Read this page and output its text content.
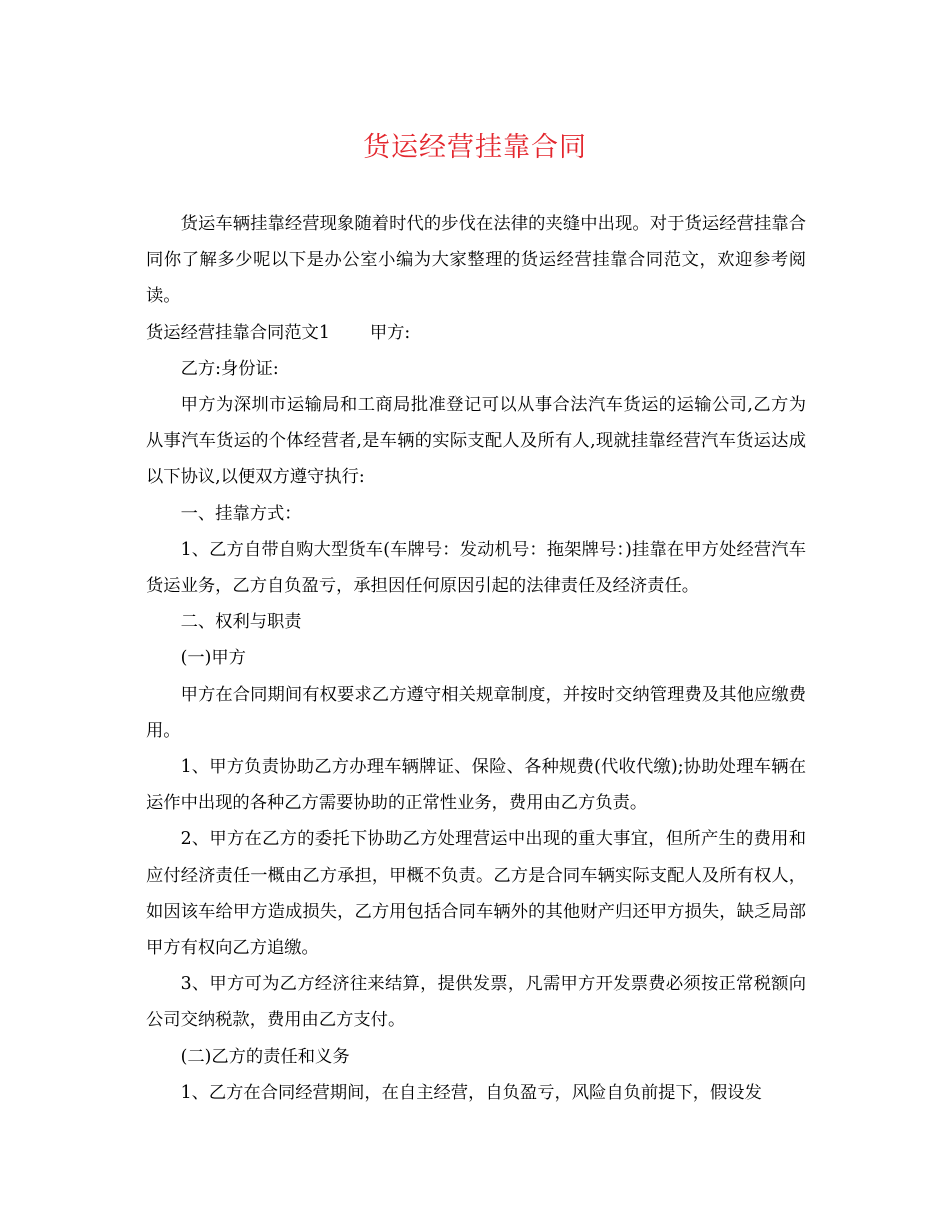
货运经营挂靠合同

货运车辆挂靠经营现象随着时代的步伐在法律的夹缝中出现。对于货运经营挂靠合同你了解多少呢以下是办公室小编为大家整理的货运经营挂靠合同范文，欢迎参考阅读。

货运经营挂靠合同范文1 甲方:

乙方:身份证:

甲方为深圳市运输局和工商局批准登记可以从事合法汽车货运的运输公司,乙方为从事汽车货运的个体经营者,是车辆的实际支配人及所有人,现就挂靠经营汽车货运达成以下协议,以便双方遵守执行:

一、挂靠方式：

1、乙方自带自购大型货车(车牌号：发动机号：拖架牌号：)挂靠在甲方处经营汽车货运业务，乙方自负盈亏，承担因任何原因引起的法律责任及经济责任。

二、权利与职责

(一)甲方

甲方在合同期间有权要求乙方遵守相关规章制度，并按时交纳管理费及其他应缴费用。

1、甲方负责协助乙方办理车辆牌证、保险、各种规费(代收代缴);协助处理车辆在运作中出现的各种乙方需要协助的正常性业务，费用由乙方负责。

2、甲方在乙方的委托下协助乙方处理营运中出现的重大事宜，但所产生的费用和应付经济责任一概由乙方承担，甲概不负责。乙方是合同车辆实际支配人及所有权人，如因该车给甲方造成损失，乙方用包括合同车辆外的其他财产归还甲方损失，缺乏局部甲方有权向乙方追缴。

3、甲方可为乙方经济往来结算，提供发票，凡需甲方开发票费必须按正常税额向公司交纳税款，费用由乙方支付。

(二)乙方的责任和义务

1、乙方在合同经营期间，在自主经营，自负盈亏，风险自负前提下，假设发
